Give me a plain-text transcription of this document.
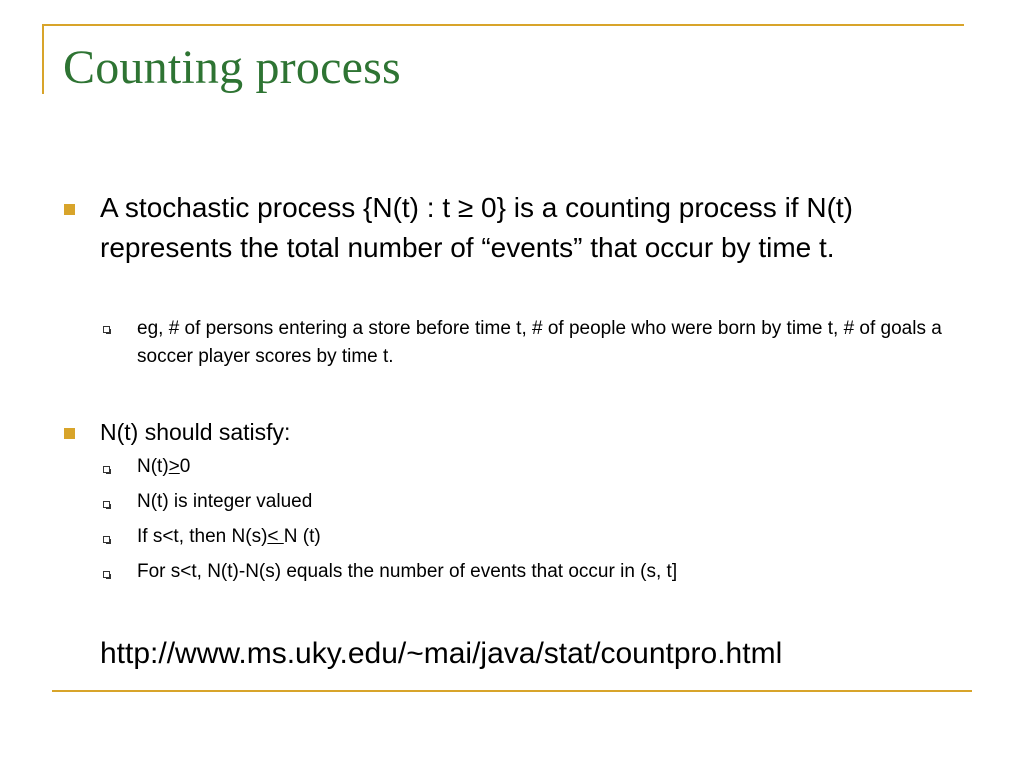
Counting process
A stochastic process {N(t) : t ≥ 0} is a counting process if N(t) represents the total number of “events” that occur by time t.
eg, # of persons entering a store before time t, # of people who were born by time t, # of goals a soccer player scores by time t.
N(t) should satisfy:
N(t)>0
N(t) is integer valued
If s<t, then N(s)< N (t)
For s<t, N(t)-N(s) equals the number of events that occur in (s, t]
http://www.ms.uky.edu/~mai/java/stat/countpro.html
